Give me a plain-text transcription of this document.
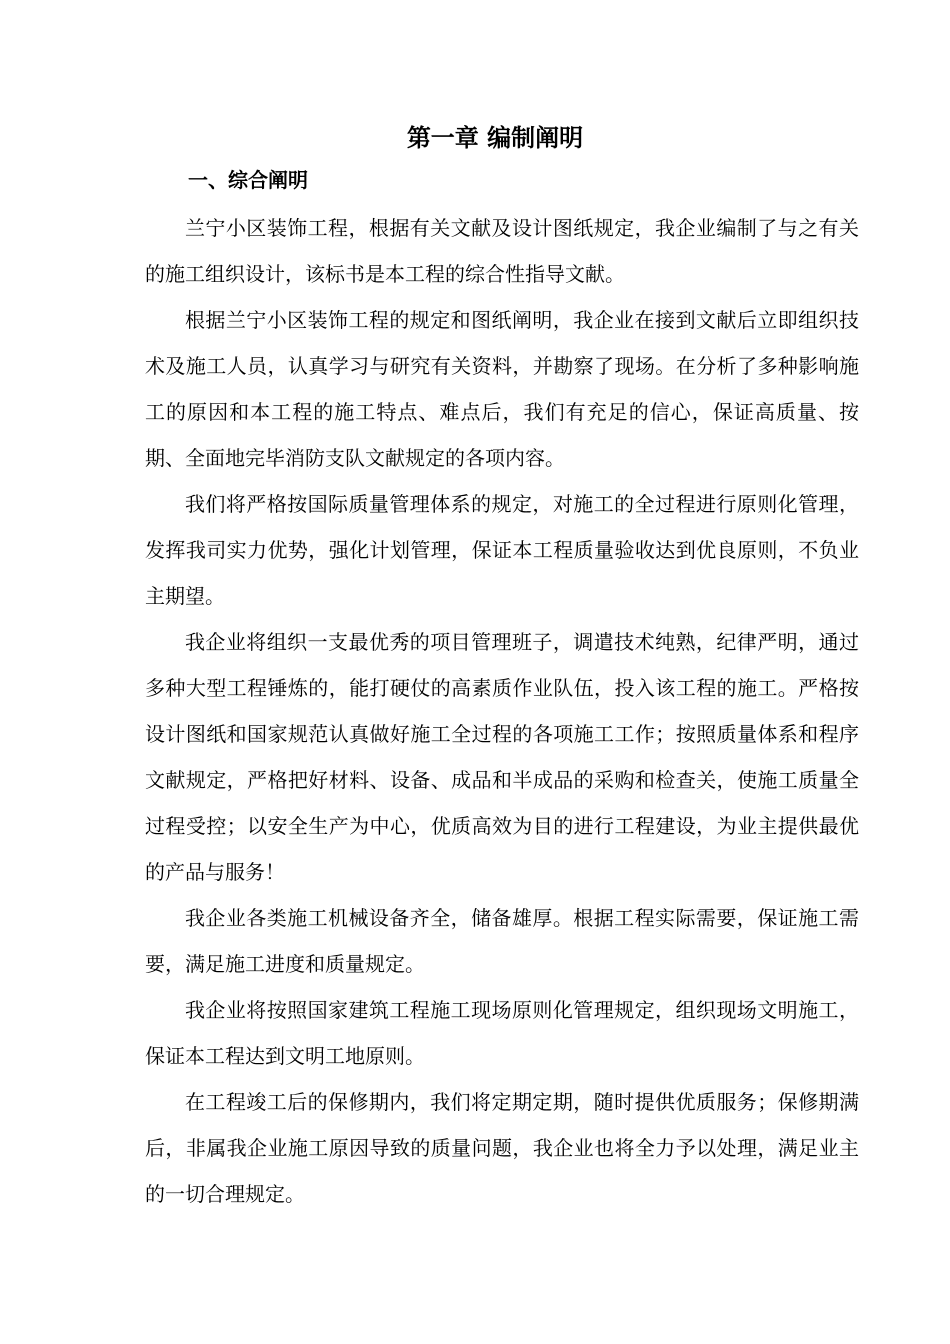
第一章 编制阐明
一、综合阐明

兰宁小区装饰工程，根据有关文献及设计图纸规定，我企业编制了与之有关的施工组织设计，该标书是本工程的综合性指导文献。

根据兰宁小区装饰工程的规定和图纸阐明，我企业在接到文献后立即组织技术及施工人员，认真学习与研究有关资料，并勘察了现场。在分析了多种影响施工的原因和本工程的施工特点、难点后，我们有充足的信心，保证高质量、按期、全面地完毕消防支队文献规定的各项内容。

我们将严格按国际质量管理体系的规定，对施工的全过程进行原则化管理，发挥我司实力优势，强化计划管理，保证本工程质量验收达到优良原则，不负业主期望。

我企业将组织一支最优秀的项目管理班子，调遣技术纯熟，纪律严明，通过多种大型工程锤炼的，能打硬仗的高素质作业队伍，投入该工程的施工。严格按设计图纸和国家规范认真做好施工全过程的各项施工工作；按照质量体系和程序文献规定，严格把好材料、设备、成品和半成品的采购和检查关，使施工质量全过程受控；以安全生产为中心，优质高效为目的进行工程建设，为业主提供最优的产品与服务！

我企业各类施工机械设备齐全，储备雄厚。根据工程实际需要，保证施工需要，满足施工进度和质量规定。

我企业将按照国家建筑工程施工现场原则化管理规定，组织现场文明施工，保证本工程达到文明工地原则。

在工程竣工后的保修期内，我们将定期定期，随时提供优质服务；保修期满后，非属我企业施工原因导致的质量问题，我企业也将全力予以处理，满足业主的一切合理规定。
